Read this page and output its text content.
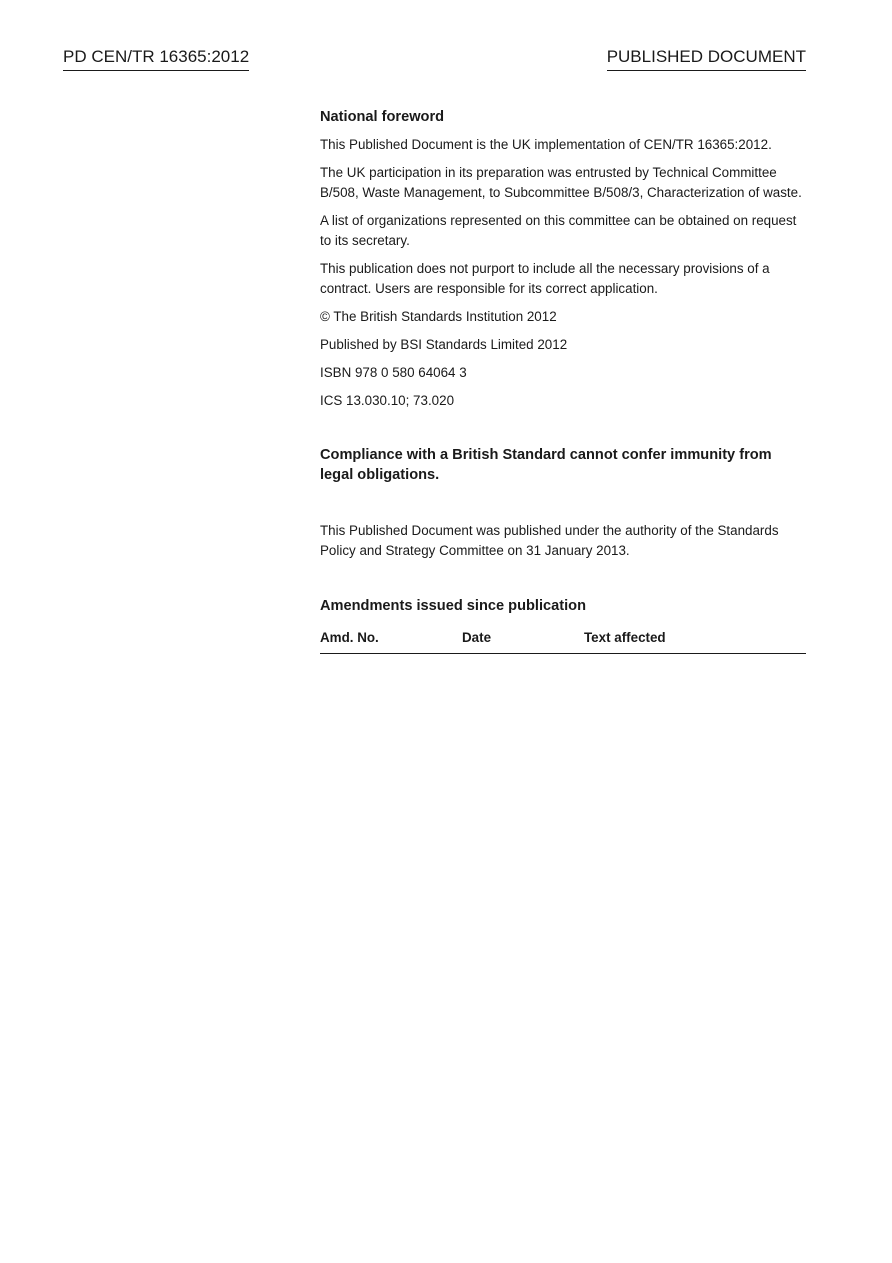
PD CEN/TR 16365:2012	PUBLISHED DOCUMENT
National foreword

This Published Document is the UK implementation of CEN/TR 16365:2012.

The UK participation in its preparation was entrusted by Technical Committee B/508, Waste Management, to Subcommittee B/508/3, Characterization of waste.

A list of organizations represented on this committee can be obtained on request to its secretary.

This publication does not purport to include all the necessary provisions of a contract. Users are responsible for its correct application.

© The British Standards Institution 2012

Published by BSI Standards Limited 2012

ISBN 978 0 580 64064 3

ICS 13.030.10; 73.020

Compliance with a British Standard cannot confer immunity from legal obligations.

This Published Document was published under the authority of the Standards Policy and Strategy Committee on 31 January 2013.

Amendments issued since publication
Amd. No.	Date	Text affected
